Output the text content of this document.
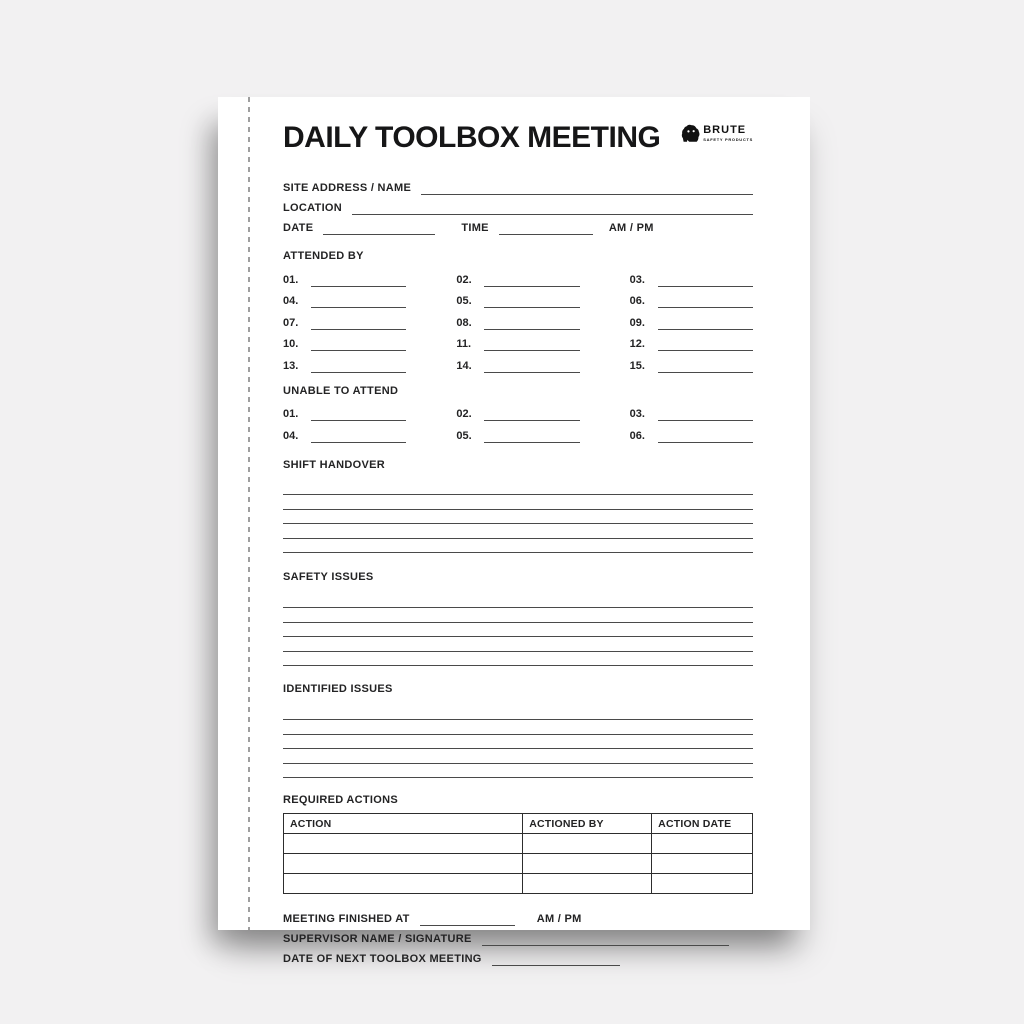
DAILY TOOLBOX MEETING	BRUTE
SAFETY PRODUCTS
SITE ADDRESS / NAME
LOCATION
DATE	TIME	AM / PM
ATTENDED BY
01.	02.	03.
04.	05.	06.
07.	08.	09.
10.	11.	12.
13.	14.	15.
UNABLE TO ATTEND
01.	02.	03.
04.	05.	06.
SHIFT HANDOVER
SAFETY ISSUES
IDENTIFIED ISSUES
REQUIRED ACTIONS
ACTION	ACTIONED BY	ACTION DATE

MEETING FINISHED AT	AM / PM
SUPERVISOR NAME / SIGNATURE
DATE OF NEXT TOOLBOX MEETING
